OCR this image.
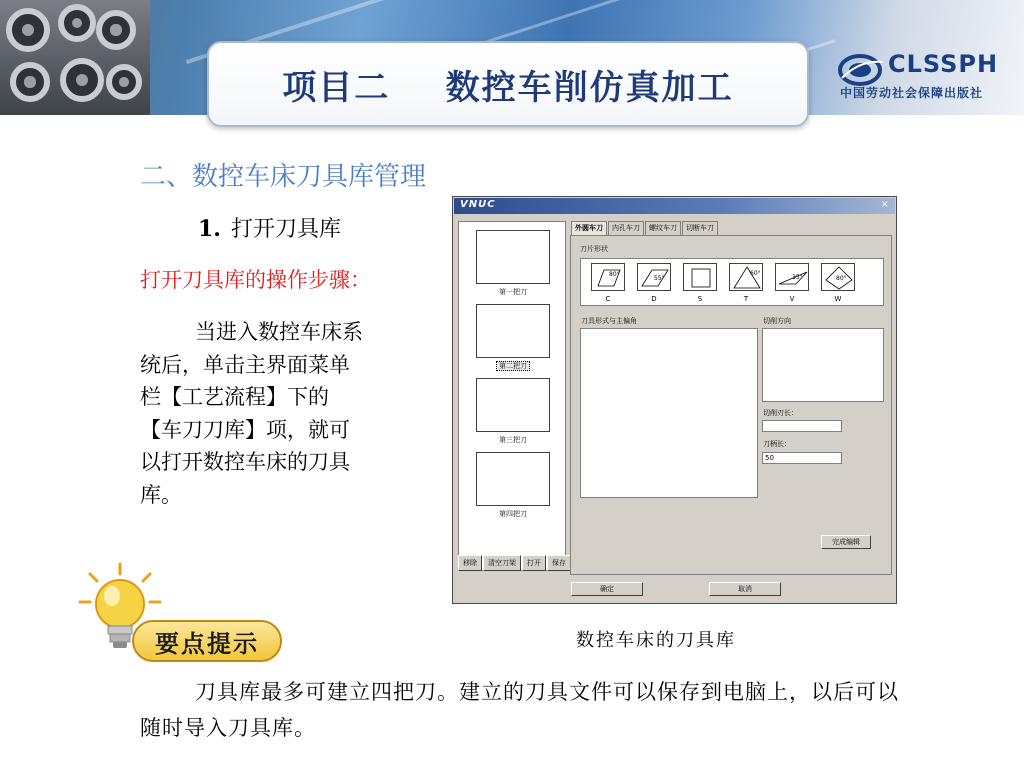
项目二    数控车削仿真加工
CLSSPH
中国劳动社会保障出版社
二、数控车床刀具库管理
1. 打开刀具库
打开刀具库的操作步骤：
当进入数控车床系统后，单击主界面菜单栏【工艺流程】下的【车刀刀库】项，就可以打开数控车床的刀具库。
VNUC	×
第一把刀
第二把刀
第三把刀
第四把刀
移除	清空刀架	打开	保存
外圆车刀	内孔车刀	螺纹车刀	切断车刀
刀片形状
80°
C
55°
D	S
60°
T
35°
V
80°
W
刀具形式与主偏角	切削方向
切削刃长：
刀柄长：
50
完成编辑
确定	取消
数控车床的刀具库
要点提示
刀具库最多可建立四把刀。建立的刀具文件可以保存到电脑上，以后可以随时导入刀具库。
